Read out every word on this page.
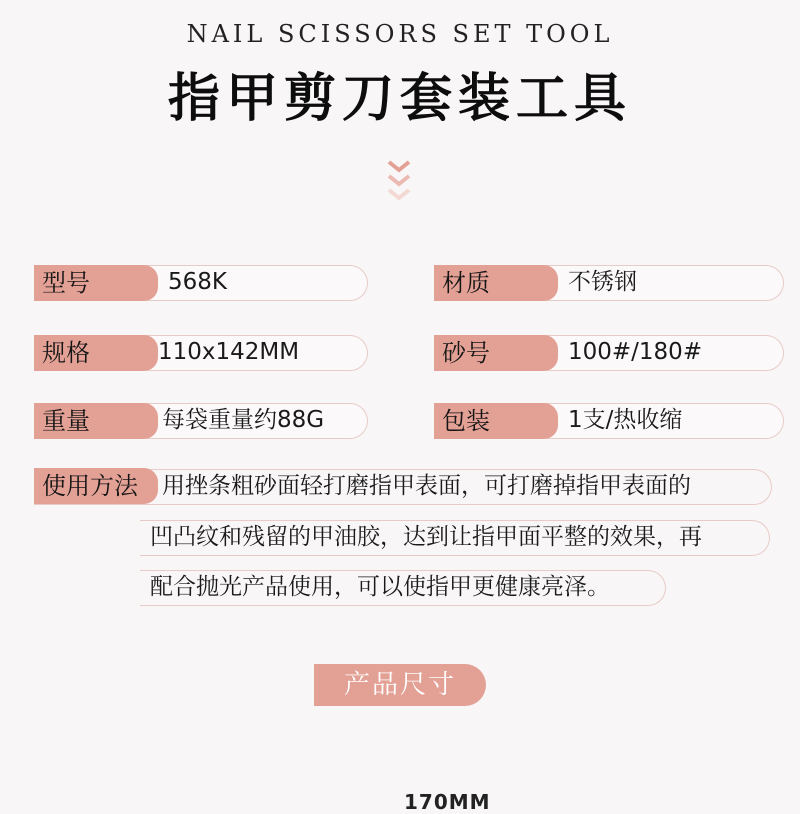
NAIL SCISSORS SET TOOL
指甲剪刀套装工具
型号	568K	材质	不锈钢
规格	110x142MM	砂号	100#/180#
重量	每袋重量约88G	包装	1支/热收缩
使用方法	用挫条粗砂面轻打磨指甲表面，可打磨掉指甲表面的
凹凸纹和残留的甲油胶，达到让指甲面平整的效果，再
配合抛光产品使用，可以使指甲更健康亮泽。
产品尺寸
170MM
